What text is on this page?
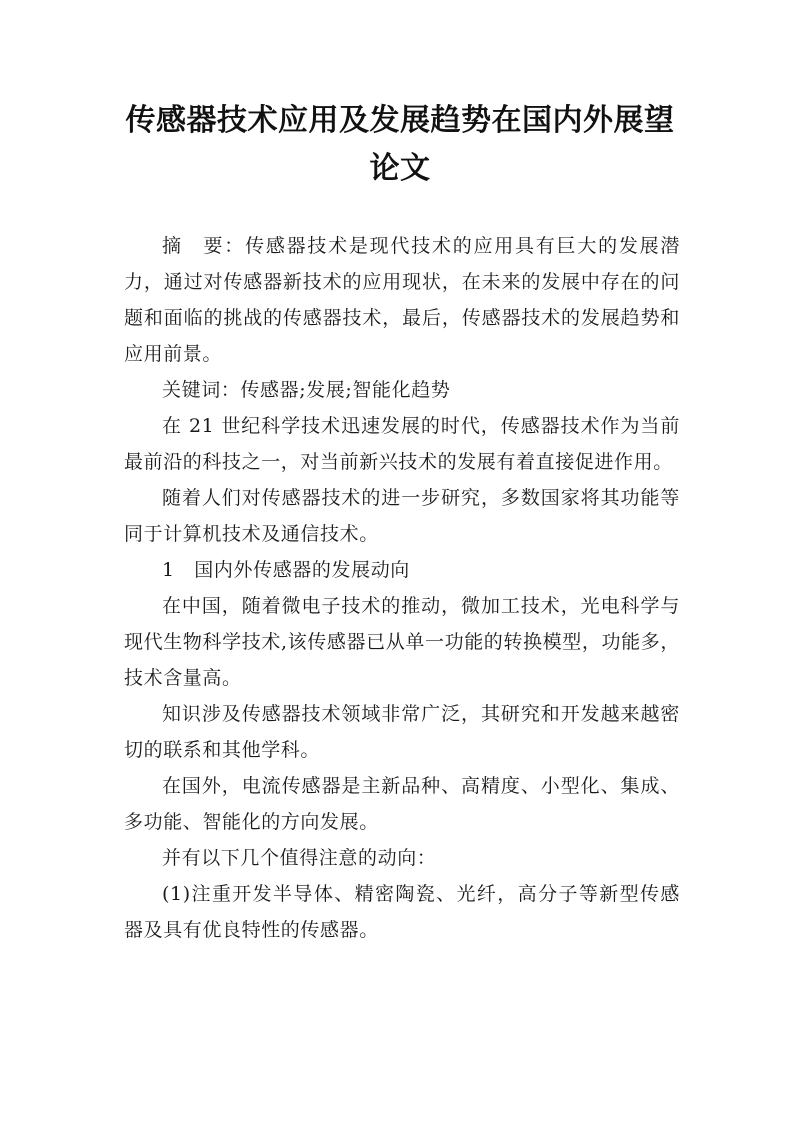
传感器技术应用及发展趋势在国内外展望
论文

摘　要：传感器技术是现代技术的应用具有巨大的发展潜力，通过对传感器新技术的应用现状，在未来的发展中存在的问题和面临的挑战的传感器技术，最后，传感器技术的发展趋势和应用前景。

关键词：传感器;发展;智能化趋势

在 21 世纪科学技术迅速发展的时代，传感器技术作为当前最前沿的科技之一，对当前新兴技术的发展有着直接促进作用。

随着人们对传感器技术的进一步研究，多数国家将其功能等同于计算机技术及通信技术。

1　国内外传感器的发展动向

在中国，随着微电子技术的推动，微加工技术，光电科学与现代生物科学技术,该传感器已从单一功能的转换模型，功能多，技术含量高。

知识涉及传感器技术领域非常广泛，其研究和开发越来越密切的联系和其他学科。

在国外，电流传感器是主新品种、高精度、小型化、集成、多功能、智能化的方向发展。

并有以下几个值得注意的动向：

(1)注重开发半导体、精密陶瓷、光纤，高分子等新型传感器及具有优良特性的传感器。
